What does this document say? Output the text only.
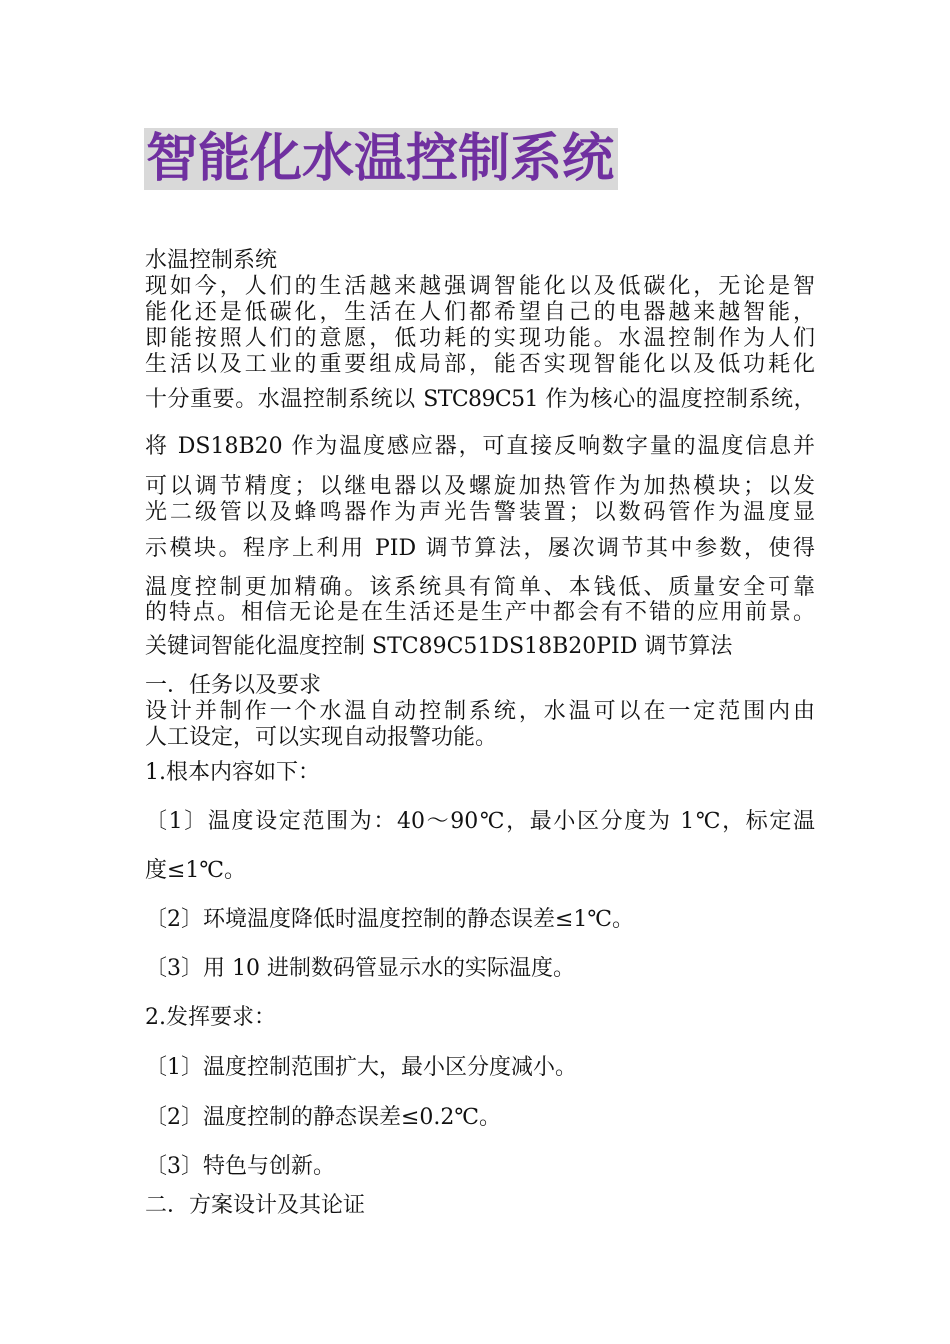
智能化水温控制系统
水温控制系统
现如今，人们的生活越来越强调智能化以及低碳化，无论是智
能化还是低碳化，生活在人们都希望自己的电器越来越智能，
即能按照人们的意愿，低功耗的实现功能。水温控制作为人们
生活以及工业的重要组成局部，能否实现智能化以及低功耗化
十分重要。水温控制系统以 STC89C51 作为核心的温度控制系统，
将 DS18B20 作为温度感应器，可直接反响数字量的温度信息并
可以调节精度；以继电器以及螺旋加热管作为加热模块；以发
光二级管以及蜂鸣器作为声光告警装置；以数码管作为温度显
示模块。程序上利用 PID 调节算法，屡次调节其中参数，使得
温度控制更加精确。该系统具有简单、本钱低、质量安全可靠
的特点。相信无论是在生活还是生产中都会有不错的应用前景。
关键词智能化温度控制 STC89C51DS18B20PID 调节算法
一．任务以及要求
设计并制作一个水温自动控制系统，水温可以在一定范围内由
人工设定，可以实现自动报警功能。
1.根本内容如下：
〔1〕温度设定范围为：40～90℃，最小区分度为 1℃，标定温
度≤1℃。
〔2〕环境温度降低时温度控制的静态误差≤1℃。
〔3〕用 10 进制数码管显示水的实际温度。
2.发挥要求：
〔1〕温度控制范围扩大，最小区分度减小。
〔2〕温度控制的静态误差≤0.2℃。
〔3〕特色与创新。
二．方案设计及其论证
